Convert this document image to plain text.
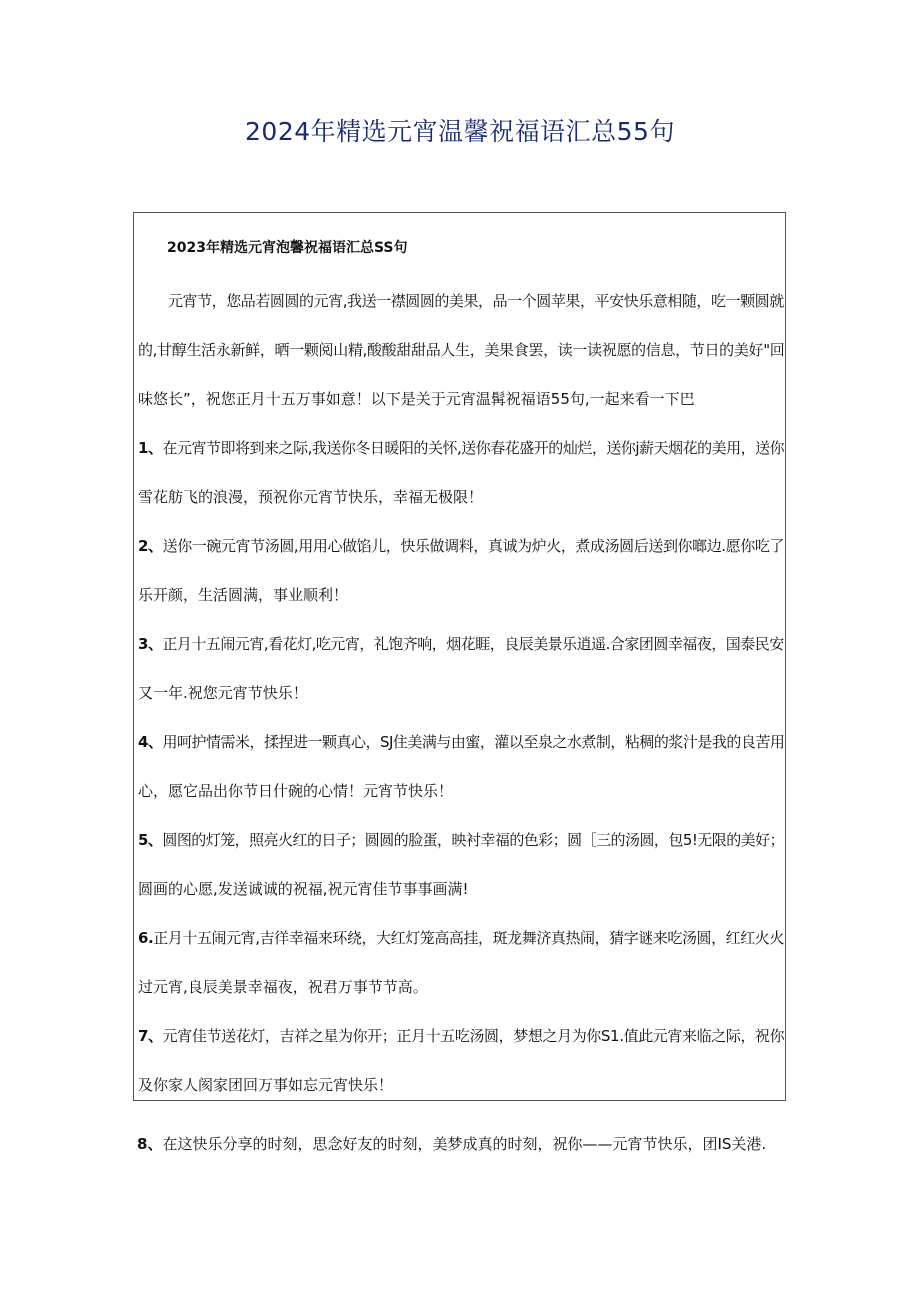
2024年精选元宵温馨祝福语汇总55句

2023年精选元宵泡馨祝福语汇总SS句

元宵节，您品若圆圆的元宵,我送一襟圆圆的美果，品一个圆苹果，平安快乐意相随，吃一颗圆就
的,甘醇生活永新鲜，晒一颗阅山精,酸酸甜甜品人生，美果食罢，读一读祝愿的信息，节日的美好"回
味悠长”，祝您正月十五万事如意！以下是关于元宵温髯祝福语55句,一起来看一下巴

1、在元宵节即将到来之际,我送你冬日暖阳的关怀,送你春花盛开的灿烂，送你j薪天烟花的美用，送你
雪花舫飞的浪漫，预祝你元宵节快乐，幸福无极限！

2、送你一碗元宵节汤圆,用用心做馅儿，快乐做调料，真诚为炉火，煮成汤圆后送到你啷边.愿你吃了
乐开颜，生活圆满，事业顺利！

3、正月十五闹元宵,看花灯,吃元宵，礼饱齐响，烟花睚，良辰美景乐逍遥.合家团圆幸福夜，国泰民安
又一年.祝您元宵节快乐！

4、用呵护情需米，揉捏进一颗真心，SJ住美满与由蜜，灌以至泉之水煮制，粘稠的浆汁是我的良苦用
心，愿它品出你节日什碗的心情！元宵节快乐！

5、圆图的灯笼，照亮火红的日子；圆圆的脸蛋，映衬幸福的色彩；圆［三的汤圆，包5!无限的美好；
圆画的心愿,发送诚诚的祝福,祝元宵佳节事事画满!

6.正月十五闹元宵,吉徉幸福来环绕，大红灯笼高高挂，斑龙舞济真热闹，猜字谜来吃汤圆，红红火火
过元宵,良辰美景幸福夜，祝君万事节节高。

7、元宵佳节送花灯，吉祥之星为你开；正月十五吃汤圆，梦想之月为你S1.值此元宵来临之际，祝你
及你家人阂家团回万事如忘元宵快乐！

8、在这快乐分享的时刻，思念好友的时刻，美梦成真的时刻，祝你——元宵节快乐，团IS关港.
